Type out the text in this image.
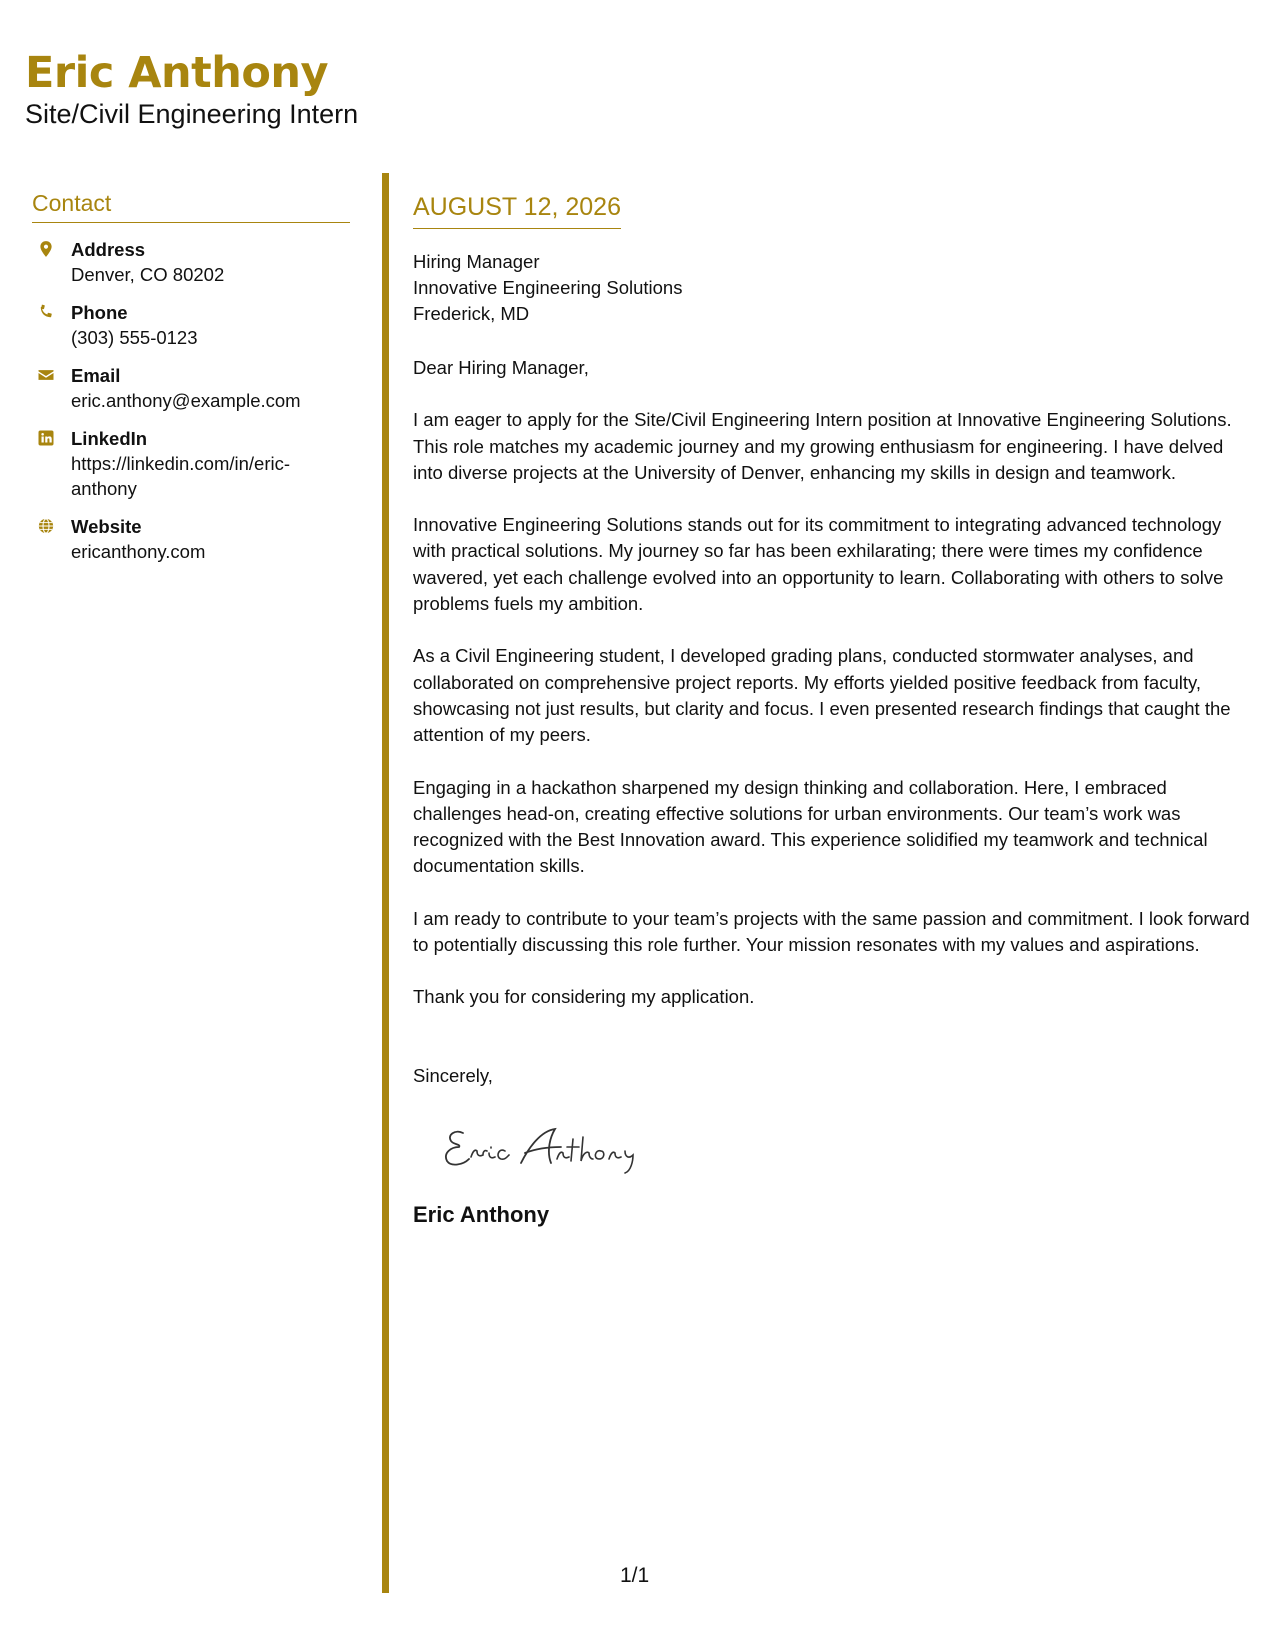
Eric Anthony
Site/Civil Engineering Intern
Contact
Address
Denver, CO 80202
Phone
(303) 555-0123
Email
eric.anthony@example.com
LinkedIn
https://linkedin.com/in/eric-anthony
Website
ericanthony.com
AUGUST 12, 2026
Hiring Manager
Innovative Engineering Solutions
Frederick, MD
Dear Hiring Manager,
I am eager to apply for the Site/Civil Engineering Intern position at Innovative Engineering Solutions. This role matches my academic journey and my growing enthusiasm for engineering. I have delved into diverse projects at the University of Denver, enhancing my skills in design and teamwork.
Innovative Engineering Solutions stands out for its commitment to integrating advanced technology with practical solutions. My journey so far has been exhilarating; there were times my confidence wavered, yet each challenge evolved into an opportunity to learn. Collaborating with others to solve problems fuels my ambition.
As a Civil Engineering student, I developed grading plans, conducted stormwater analyses, and collaborated on comprehensive project reports. My efforts yielded positive feedback from faculty, showcasing not just results, but clarity and focus. I even presented research findings that caught the attention of my peers.
Engaging in a hackathon sharpened my design thinking and collaboration. Here, I embraced challenges head-on, creating effective solutions for urban environments. Our team’s work was recognized with the Best Innovation award. This experience solidified my teamwork and technical documentation skills.
I am ready to contribute to your team’s projects with the same passion and commitment. I look forward to potentially discussing this role further. Your mission resonates with my values and aspirations.
Thank you for considering my application.
Sincerely,
Eric Anthony
1/1
